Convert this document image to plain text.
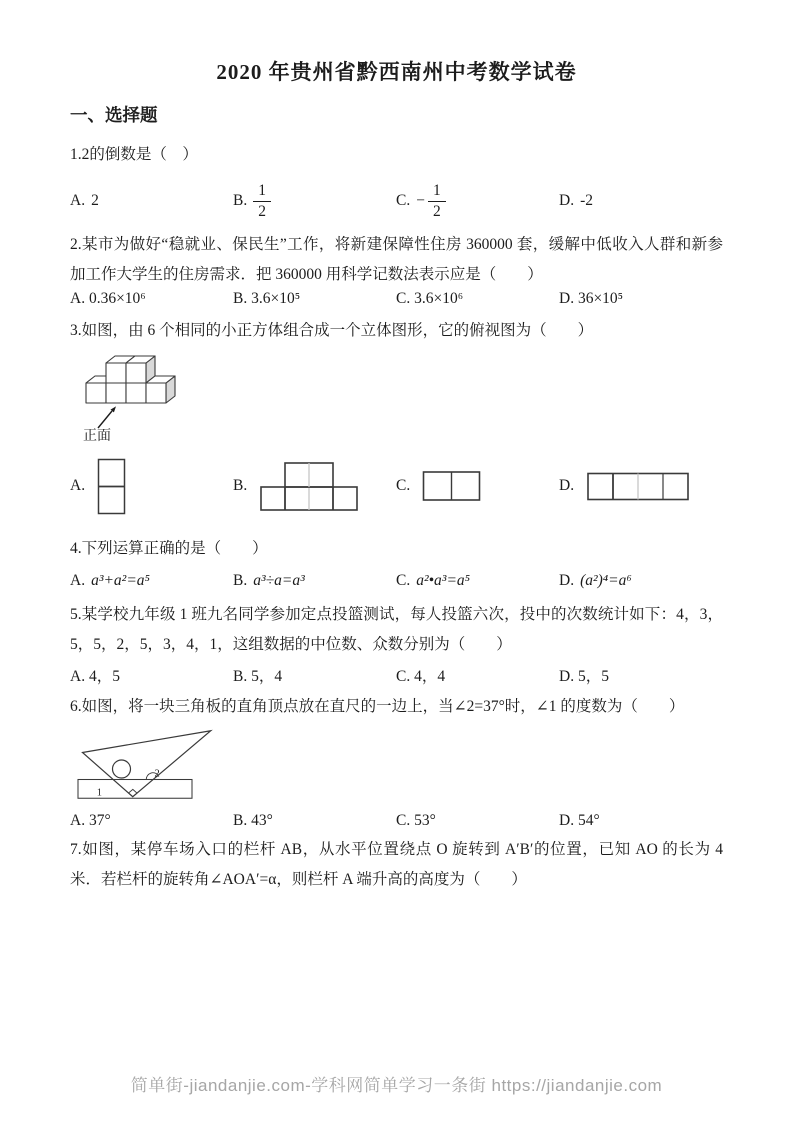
2020 年贵州省黔西南州中考数学试卷
一、选择题

1.2的倒数是（　）

A. 2	B. $\frac{1}{2}$	C. − $\frac{1}{2}$	D. -2

2.某市为做好“稳就业、保民生”工作，将新建保障性住房 360000 套，缓解中低收入人群和新参加工作大学生的住房需求．把 360000 用科学记数法表示应是（　　）

A. 0.36×10⁶	B. 3.6×10⁵	C. 3.6×10⁶	D. 36×10⁵

3.如图，由 6 个相同的小正方体组合成一个立体图形，它的俯视图为（　　）

正面
A.	B.	C.	D.

4.下列运算正确的是（　　）

A. a³+a²=a⁵	B. a³÷a=a³	C. a²•a³=a⁵	D. (a²)⁴=a⁶

5.某学校九年级 1 班九名同学参加定点投篮测试，每人投篮六次，投中的次数统计如下：4，3，5，5，2，5，3，4，1，这组数据的中位数、众数分别为（　　）

A. 4，5	B. 5，4	C. 4，4	D. 5，5

6.如图，将一块三角板的直角顶点放在直尺的一边上，当∠2=37°时，∠1 的度数为（　　）

1
2
A. 37°	B. 43°	C. 53°	D. 54°

7.如图，某停车场入口的栏杆 AB，从水平位置绕点 O 旋转到 A′B′的位置，已知 AO 的长为 4 米．若栏杆的旋转角∠AOA′=α，则栏杆 A 端升高的高度为（　　）

简单街-jiandanjie.com-学科网简单学习一条街 https://jiandanjie.com
